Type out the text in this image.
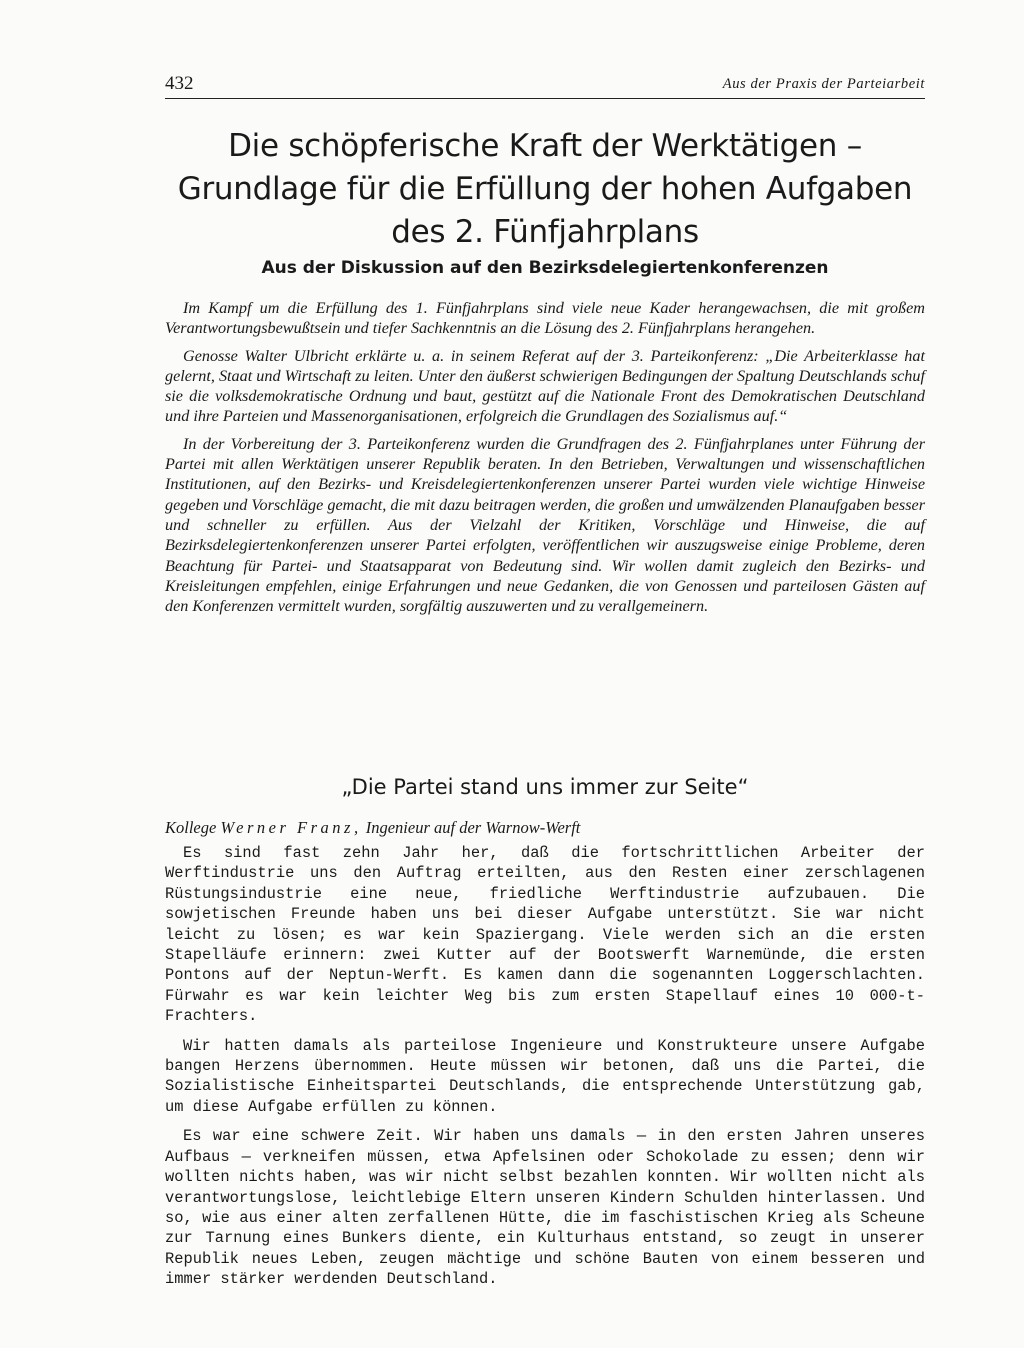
432	Aus der Praxis der Parteiarbeit
Die schöpferische Kraft der Werktätigen –
Grundlage für die Erfüllung der hohen Aufgaben
des 2. Fünfjahrplans
Aus der Diskussion auf den Bezirksdelegiertenkonferenzen

Im Kampf um die Erfüllung des 1. Fünfjahrplans sind viele neue Kader herangewachsen, die mit großem Verantwortungsbewußtsein und tiefer Sachkenntnis an die Lösung des 2. Fünfjahrplans herangehen.

Genosse Walter Ulbricht erklärte u. a. in seinem Referat auf der 3. Parteikonferenz: „Die Arbeiterklasse hat gelernt, Staat und Wirtschaft zu leiten. Unter den äußerst schwierigen Bedingungen der Spaltung Deutschlands schuf sie die volksdemokratische Ordnung und baut, gestützt auf die Nationale Front des Demokratischen Deutschland und ihre Parteien und Massenorganisationen, erfolgreich die Grundlagen des Sozialismus auf.“

In der Vorbereitung der 3. Parteikonferenz wurden die Grundfragen des 2. Fünfjahrplanes unter Führung der Partei mit allen Werktätigen unserer Republik beraten. In den Betrieben, Verwaltungen und wissenschaftlichen Institutionen, auf den Bezirks- und Kreisdelegiertenkonferenzen unserer Partei wurden viele wichtige Hinweise gegeben und Vorschläge gemacht, die mit dazu beitragen werden, die großen und umwälzenden Planaufgaben besser und schneller zu erfüllen. Aus der Vielzahl der Kritiken, Vorschläge und Hinweise, die auf Bezirksdelegiertenkonferenzen unserer Partei erfolgten, veröffentlichen wir auszugsweise einige Probleme, deren Beachtung für Partei- und Staatsapparat von Bedeutung sind. Wir wollen damit zugleich den Bezirks- und Kreisleitungen empfehlen, einige Erfahrungen und neue Gedanken, die von Genossen und parteilosen Gästen auf den Konferenzen vermittelt wurden, sorgfältig auszuwerten und zu verallgemeinern.

„Die Partei stand uns immer zur Seite“
Kollege Werner Franz, Ingenieur auf der Warnow-Werft

Es sind fast zehn Jahr her, daß die fortschrittlichen Arbeiter der Werftindustrie uns den Auftrag erteilten, aus den Resten einer zerschlagenen Rüstungsindustrie eine neue, friedliche Werftindustrie aufzubauen. Die sowjetischen Freunde haben uns bei dieser Aufgabe unterstützt. Sie war nicht leicht zu lösen; es war kein Spaziergang. Viele werden sich an die ersten Stapelläufe erinnern: zwei Kutter auf der Bootswerft Warnemünde, die ersten Pontons auf der Neptun-Werft. Es kamen dann die sogenannten Loggerschlachten. Fürwahr es war kein leichter Weg bis zum ersten Stapellauf eines 10 000-t-Frachters.

Wir hatten damals als parteilose Ingenieure und Konstrukteure unsere Aufgabe bangen Herzens übernommen. Heute müssen wir betonen, daß uns die Partei, die Sozialistische Einheitspartei Deutschlands, die entsprechende Unterstützung gab, um diese Aufgabe erfüllen zu können.

Es war eine schwere Zeit. Wir haben uns damals — in den ersten Jahren unseres Aufbaus — verkneifen müssen, etwa Apfelsinen oder Schokolade zu essen; denn wir wollten nichts haben, was wir nicht selbst bezahlen konnten. Wir wollten nicht als verantwortungslose, leichtlebige Eltern unseren Kindern Schulden hinterlassen. Und so, wie aus einer alten zerfallenen Hütte, die im faschistischen Krieg als Scheune zur Tarnung eines Bunkers diente, ein Kulturhaus entstand, so zeugt in unserer Republik neues Leben, zeugen mächtige und schöne Bauten von einem besseren und immer stärker werdenden Deutschland.
